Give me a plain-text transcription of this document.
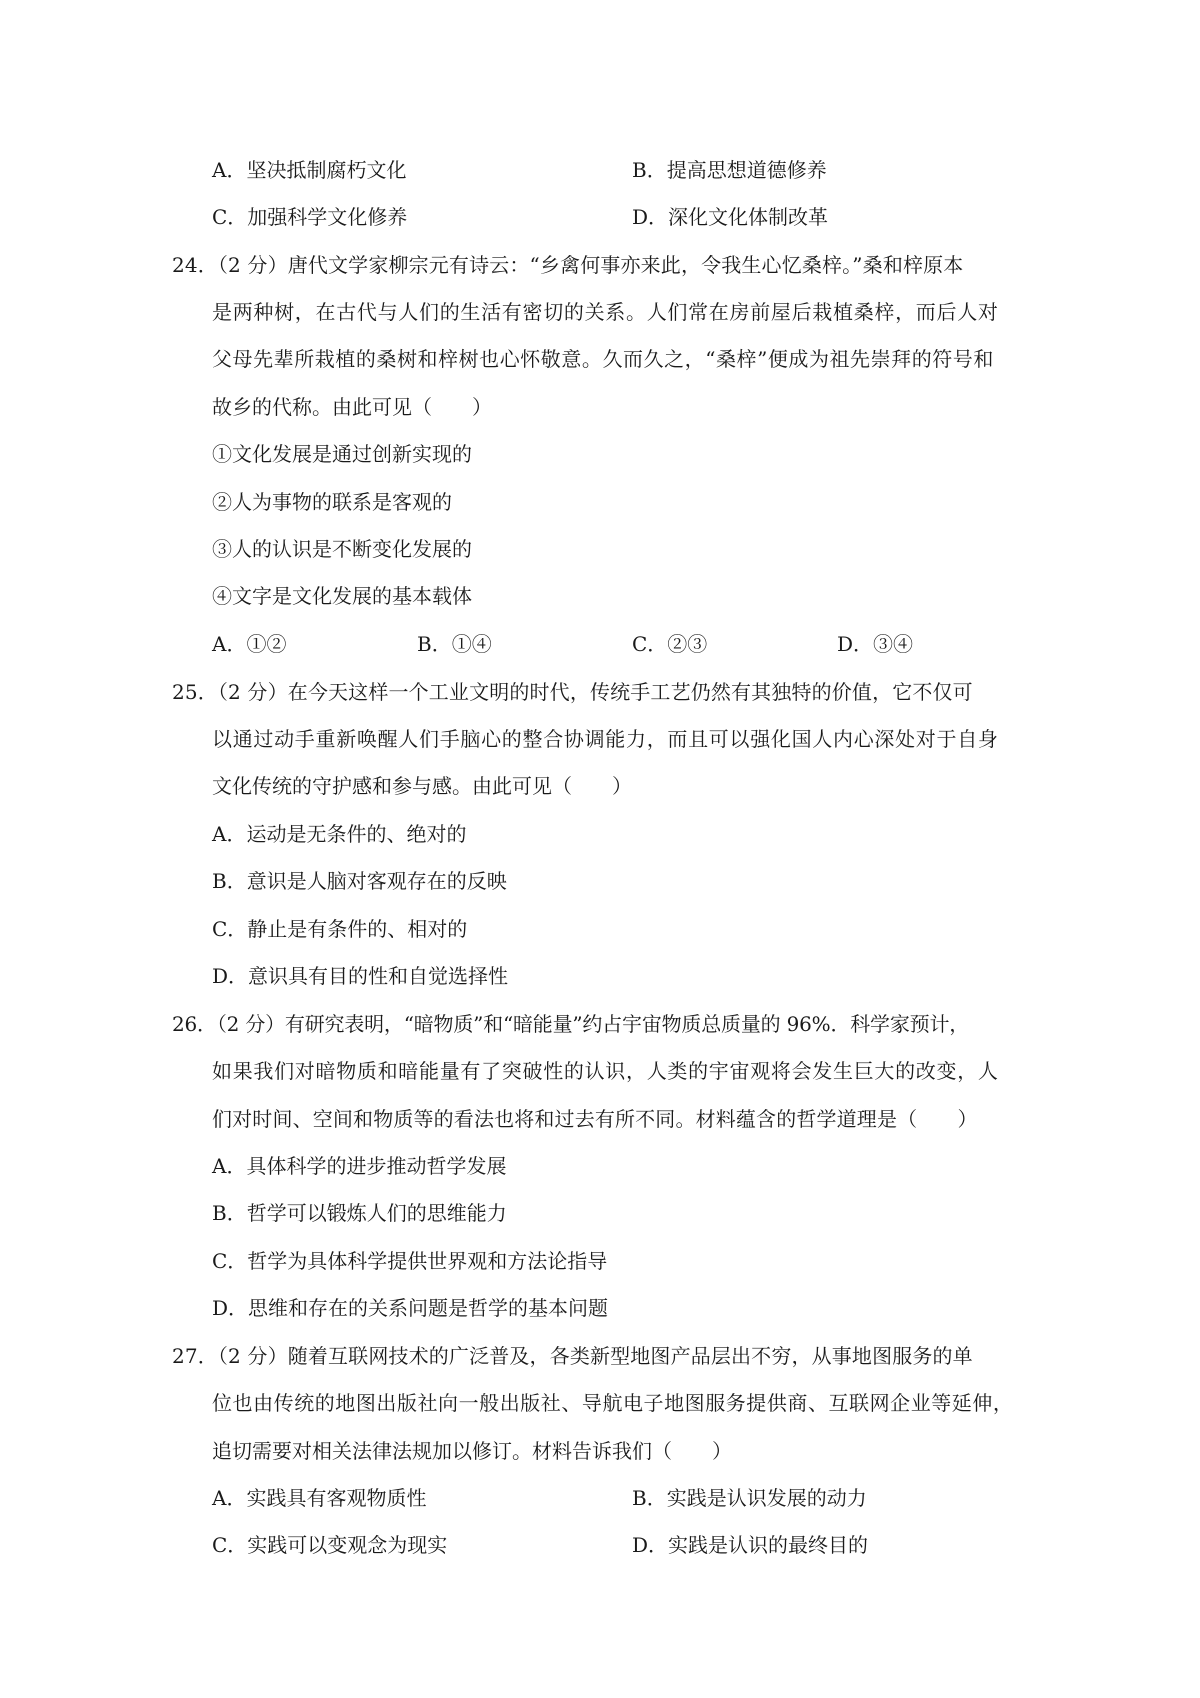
A．坚决抵制腐朽文化	B．提高思想道德修养
C．加强科学文化修养	D．深化文化体制改革
24．（2 分）唐代文学家柳宗元有诗云：“乡禽何事亦来此，令我生心忆桑梓。”桑和梓原本
是两种树，在古代与人们的生活有密切的关系。人们常在房前屋后栽植桑梓，而后人对
父母先辈所栽植的桑树和梓树也心怀敬意。久而久之，“桑梓”便成为祖先崇拜的符号和
故乡的代称。由此可见（　　）
①文化发展是通过创新实现的
②人为事物的联系是客观的
③人的认识是不断变化发展的
④文字是文化发展的基本载体
A．①②	B．①④	C．②③	D．③④
25．（2 分）在今天这样一个工业文明的时代，传统手工艺仍然有其独特的价值，它不仅可
以通过动手重新唤醒人们手脑心的整合协调能力，而且可以强化国人内心深处对于自身
文化传统的守护感和参与感。由此可见（　　）
A．运动是无条件的、绝对的
B．意识是人脑对客观存在的反映
C．静止是有条件的、相对的
D．意识具有目的性和自觉选择性
26．（2 分）有研究表明，“暗物质”和“暗能量”约占宇宙物质总质量的 96%．科学家预计，
如果我们对暗物质和暗能量有了突破性的认识，人类的宇宙观将会发生巨大的改变，人
们对时间、空间和物质等的看法也将和过去有所不同。材料蕴含的哲学道理是（　　）
A．具体科学的进步推动哲学发展
B．哲学可以锻炼人们的思维能力
C．哲学为具体科学提供世界观和方法论指导
D．思维和存在的关系问题是哲学的基本问题
27．（2 分）随着互联网技术的广泛普及，各类新型地图产品层出不穷，从事地图服务的单
位也由传统的地图出版社向一般出版社、导航电子地图服务提供商、互联网企业等延伸，
追切需要对相关法律法规加以修订。材料告诉我们（　　）
A．实践具有客观物质性	B．实践是认识发展的动力
C．实践可以变观念为现实	D．实践是认识的最终目的
